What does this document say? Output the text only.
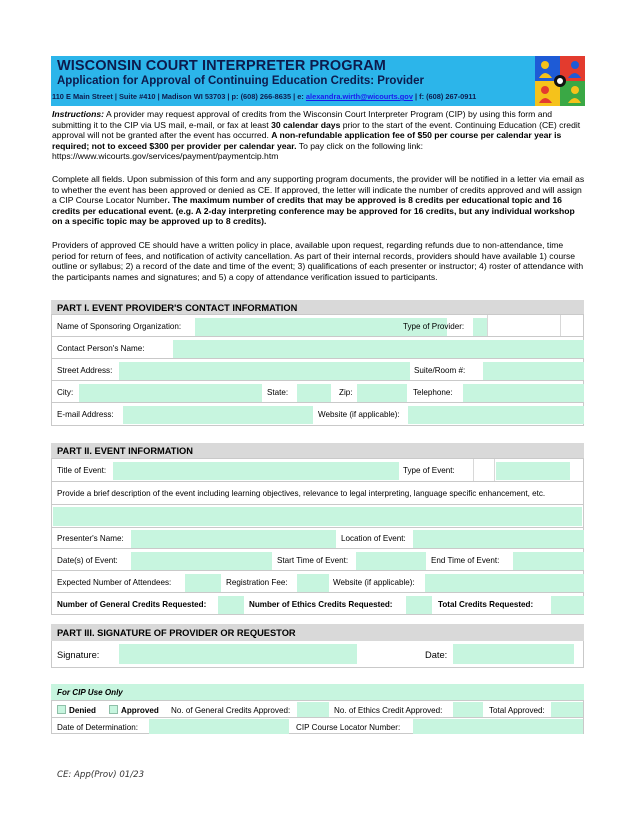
WISCONSIN COURT INTERPRETER PROGRAM
Application for Approval of Continuing Education Credits: Provider
110 E Main Street | Suite #410 | Madison WI 53703 | p: (608) 266-8635 | e: alexandra.wirth@wicourts.gov | f: (608) 267-0911
Instructions: A provider may request approval of credits from the Wisconsin Court Interpreter Program (CIP) by using this form and submitting it to the CIP via US mail, e-mail, or fax at least 30 calendar days prior to the start of the event. Continuing Education (CE) credit approval will not be granted after the event has occurred. A non-refundable application fee of $50 per course per calendar year is required; not to exceed $300 per provider per calendar year. To pay click on the following link: https://www.wicourts.gov/services/payment/paymentcip.htm
Complete all fields. Upon submission of this form and any supporting program documents, the provider will be notified in a letter via email as to whether the event has been approved or denied as CE. If approved, the letter will indicate the number of credits approved and will assign a CIP Course Locator Number. The maximum number of credits that may be approved is 8 credits per educational topic and 16 credits per educational event. (e.g. A 2-day interpreting conference may be approved for 16 credits, but any individual workshop on a specific topic may be approved up to 8 credits).
Providers of approved CE should have a written policy in place, available upon request, regarding refunds due to non-attendance, time period for return of fees, and notification of activity cancellation. As part of their internal records, providers should have available 1) course outline or syllabus; 2) a record of the date and time of the event; 3) qualifications of each presenter or instructor; 4) roster of attendance with the participants names and signatures; and 5) a copy of attendance verification issued to participants.
PART I. EVENT PROVIDER'S CONTACT INFORMATION
Name of Sponsoring Organization:	Type of Provider:
Contact Person's Name:
Street Address:	Suite/Room #:
City:	State:	Zip:	Telephone:
E-mail Address:	Website (if applicable):
PART II. EVENT INFORMATION
Title of Event:	Type of Event:
Provide a brief description of the event including learning objectives, relevance to legal interpreting, language specific enhancement, etc.
Presenter's Name:	Location of Event:
Date(s) of Event:	Start Time of Event:	End Time of Event:
Expected Number of Attendees:	Registration Fee:	Website (if applicable):
Number of General Credits Requested:	Number of Ethics Credits Requested:	Total Credits Requested:
PART III. SIGNATURE OF PROVIDER OR REQUESTOR
Signature:	Date:
For CIP Use Only
Denied	Approved No. of General Credits Approved:	No. of Ethics Credit Approved:	Total Approved:
Date of Determination:	CIP Course Locator Number:
CE: App(Prov) 01/23
